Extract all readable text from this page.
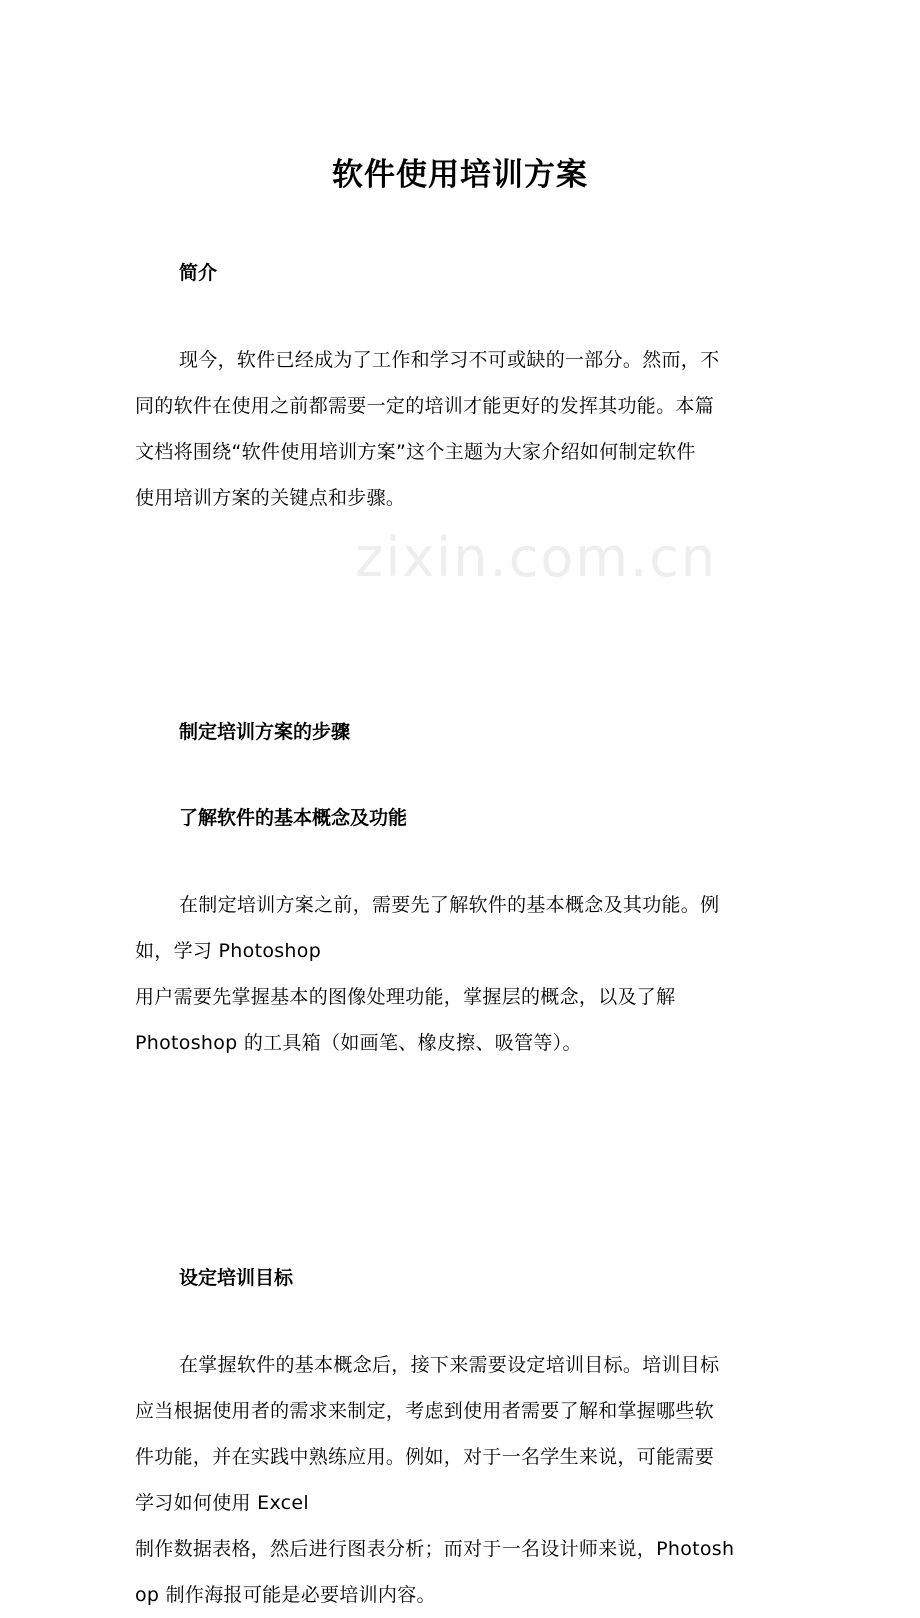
zixin.com.cn
软件使用培训方案
简介
现今，软件已经成为了工作和学习不可或缺的一部分。然而，不
同的软件在使用之前都需要一定的培训才能更好的发挥其功能。本篇
文档将围绕“软件使用培训方案”这个主题为大家介绍如何制定软件
使用培训方案的关键点和步骤。
制定培训方案的步骤
了解软件的基本概念及功能
在制定培训方案之前，需要先了解软件的基本概念及其功能。例
如，学习 Photoshop
用户需要先掌握基本的图像处理功能，掌握层的概念，以及了解
Photoshop 的工具箱（如画笔、橡皮擦、吸管等）。
设定培训目标
在掌握软件的基本概念后，接下来需要设定培训目标。培训目标
应当根据使用者的需求来制定，考虑到使用者需要了解和掌握哪些软
件功能，并在实践中熟练应用。例如，对于一名学生来说，可能需要
学习如何使用 Excel
制作数据表格，然后进行图表分析；而对于一名设计师来说，Photosh
op 制作海报可能是必要培训内容。
